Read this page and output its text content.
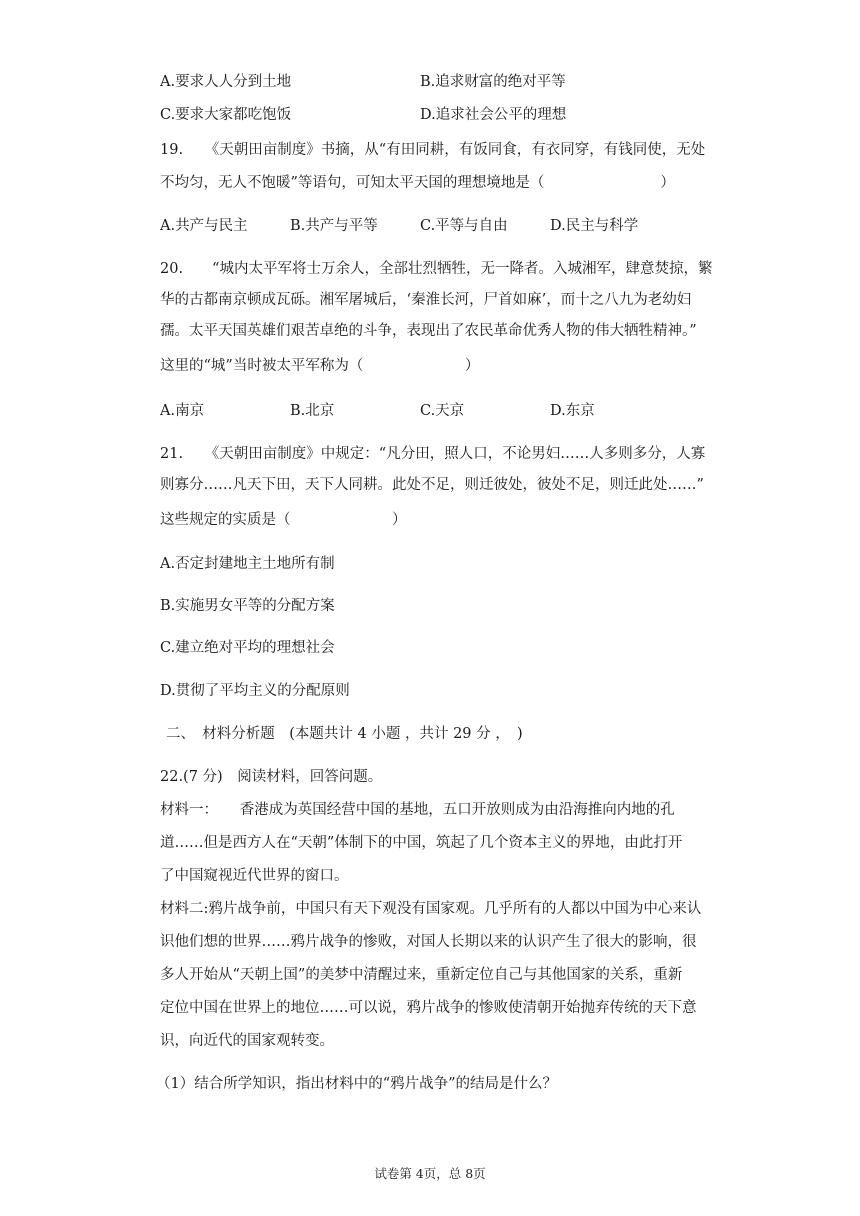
A.要求人人分到土地	B.追求财富的绝对平等
C.要求大家都吃饱饭	D.追求社会公平的理想
19.　　《天朝田亩制度》书摘，从“有田同耕，有饭同食，有衣同穿，有钱同使，无处
不均匀，无人不饱暖”等语句，可知太平天国的理想境地是（　　　　　　　　）
A.共产与民主	B.共产与平等	C.平等与自由	D.民主与科学
20.　　“城内太平军将士万余人，全部壮烈牺牲，无一降者。入城湘军，肆意焚掠，繁
华的古都南京顿成瓦砾。湘军屠城后，‘秦淮长河，尸首如麻’，而十之八九为老幼妇
孺。太平天国英雄们艰苦卓绝的斗争，表现出了农民革命优秀人物的伟大牺牲精神。”
这里的“城”当时被太平军称为（　　　　　　　）
A.南京	B.北京	C.天京	D.东京
21.　　《天朝田亩制度》中规定：“凡分田，照人口，不论男妇……人多则多分，人寡
则寡分……凡天下田，天下人同耕。此处不足，则迁彼处，彼处不足，则迁此处……”
这些规定的实质是（　　　　　　　）
A.否定封建地主土地所有制
B.实施男女平等的分配方案
C.建立绝对平均的理想社会
D.贯彻了平均主义的分配原则
二、　材料分析题　(本题共计 4 小题 ，共计 29 分 ，　)
22.(7 分)　阅读材料，回答问题。
材料一：　　香港成为英国经营中国的基地，五口开放则成为由沿海推向内地的孔
道……但是西方人在“天朝”体制下的中国，筑起了几个资本主义的界地，由此打开
了中国窥视近代世界的窗口。
材料二:鸦片战争前，中国只有天下观没有国家观。几乎所有的人都以中国为中心来认
识他们想的世界……鸦片战争的惨败，对国人长期以来的认识产生了很大的影响，很
多人开始从“天朝上国”的美梦中清醒过来，重新定位自己与其他国家的关系，重新
定位中国在世界上的地位……可以说，鸦片战争的惨败使清朝开始抛弃传统的天下意
识，向近代的国家观转变。
（1）结合所学知识，指出材料中的“鸦片战争”的结局是什么？
试卷第 4页，总 8页
